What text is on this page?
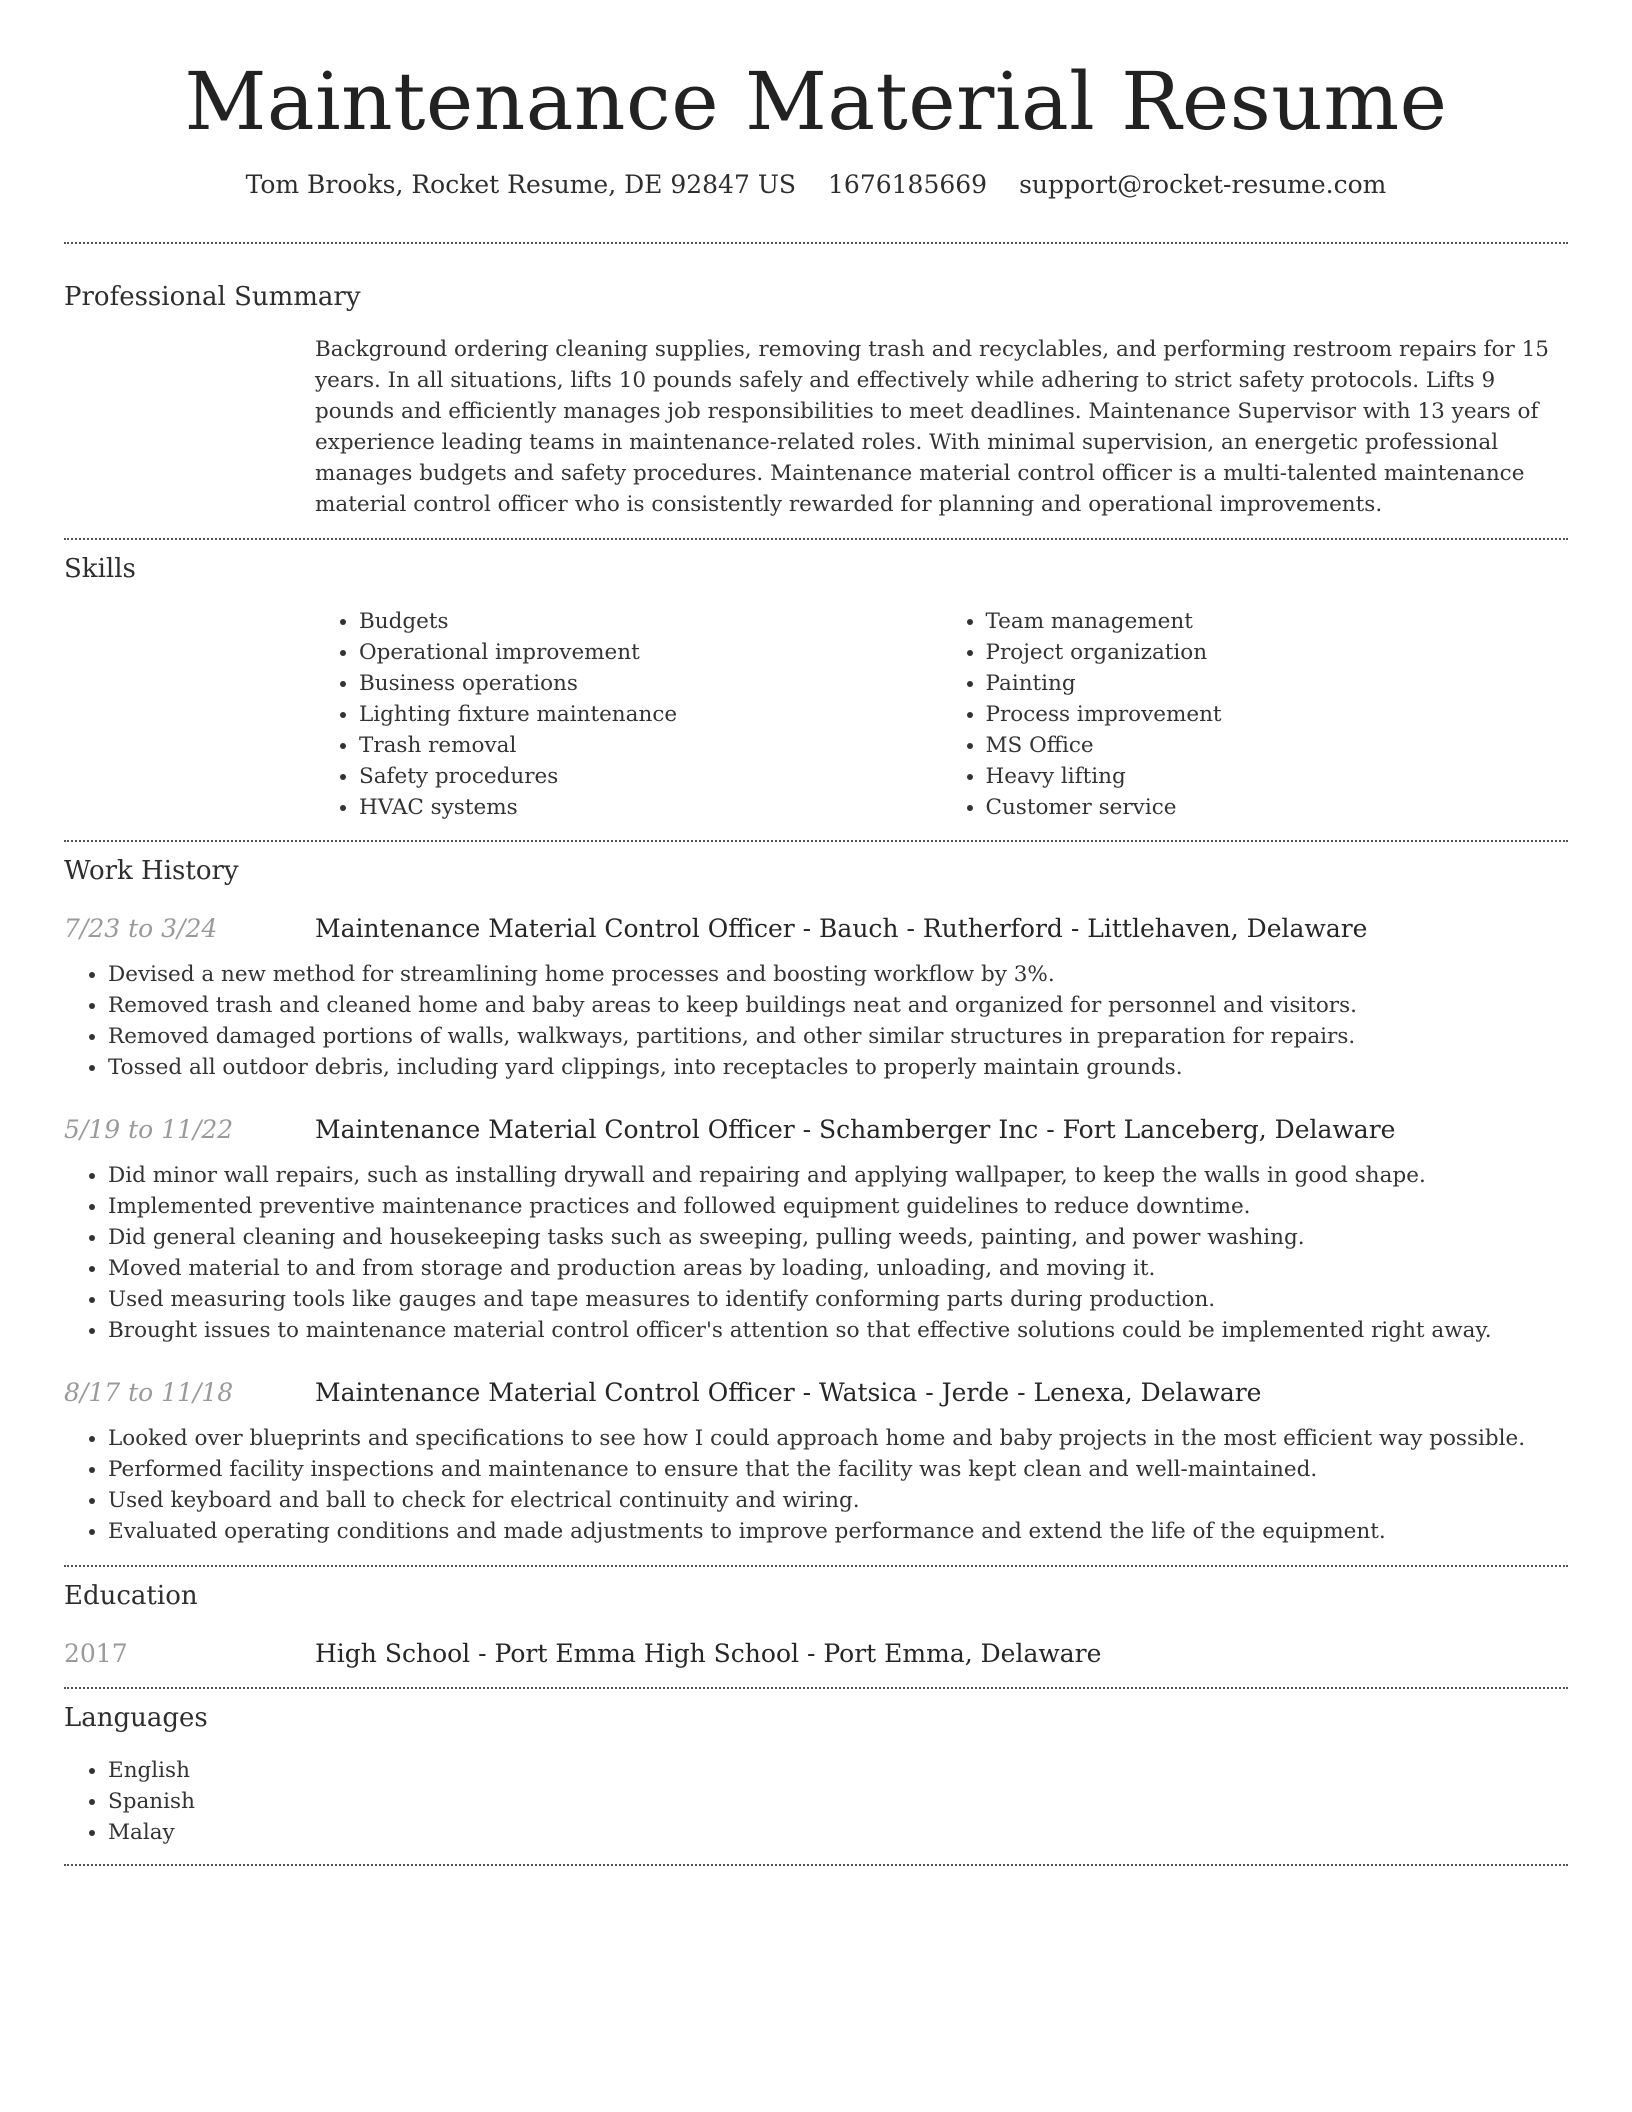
Maintenance Material Resume
Tom Brooks, Rocket Resume, DE 92847 US 1676185669 support@rocket-resume.com
Professional Summary
Background ordering cleaning supplies, removing trash and recyclables, and performing restroom repairs for 15 years. In all situations, lifts 10 pounds safely and effectively while adhering to strict safety protocols. Lifts 9 pounds and efficiently manages job responsibilities to meet deadlines. Maintenance Supervisor with 13 years of experience leading teams in maintenance-related roles. With minimal supervision, an energetic professional manages budgets and safety procedures. Maintenance material control officer is a multi-talented maintenance material control officer who is consistently rewarded for planning and operational improvements.
Skills
• Budgets
• Operational improvement
• Business operations
• Lighting fixture maintenance
• Trash removal
• Safety procedures
• HVAC systems
• Team management
• Project organization
• Painting
• Process improvement
• MS Office
• Heavy lifting
• Customer service
Work History
7/23 to 3/24	Maintenance Material Control Officer - Bauch - Rutherford - Littlehaven, Delaware
• Devised a new method for streamlining home processes and boosting workflow by 3%.
• Removed trash and cleaned home and baby areas to keep buildings neat and organized for personnel and visitors.
• Removed damaged portions of walls, walkways, partitions, and other similar structures in preparation for repairs.
• Tossed all outdoor debris, including yard clippings, into receptacles to properly maintain grounds.
5/19 to 11/22	Maintenance Material Control Officer - Schamberger Inc - Fort Lanceberg, Delaware
• Did minor wall repairs, such as installing drywall and repairing and applying wallpaper, to keep the walls in good shape.
• Implemented preventive maintenance practices and followed equipment guidelines to reduce downtime.
• Did general cleaning and housekeeping tasks such as sweeping, pulling weeds, painting, and power washing.
• Moved material to and from storage and production areas by loading, unloading, and moving it.
• Used measuring tools like gauges and tape measures to identify conforming parts during production.
• Brought issues to maintenance material control officer's attention so that effective solutions could be implemented right away.
8/17 to 11/18	Maintenance Material Control Officer - Watsica - Jerde - Lenexa, Delaware
• Looked over blueprints and specifications to see how I could approach home and baby projects in the most efficient way possible.
• Performed facility inspections and maintenance to ensure that the facility was kept clean and well-maintained.
• Used keyboard and ball to check for electrical continuity and wiring.
• Evaluated operating conditions and made adjustments to improve performance and extend the life of the equipment.
Education
2017	High School - Port Emma High School - Port Emma, Delaware
Languages
• English
• Spanish
• Malay
